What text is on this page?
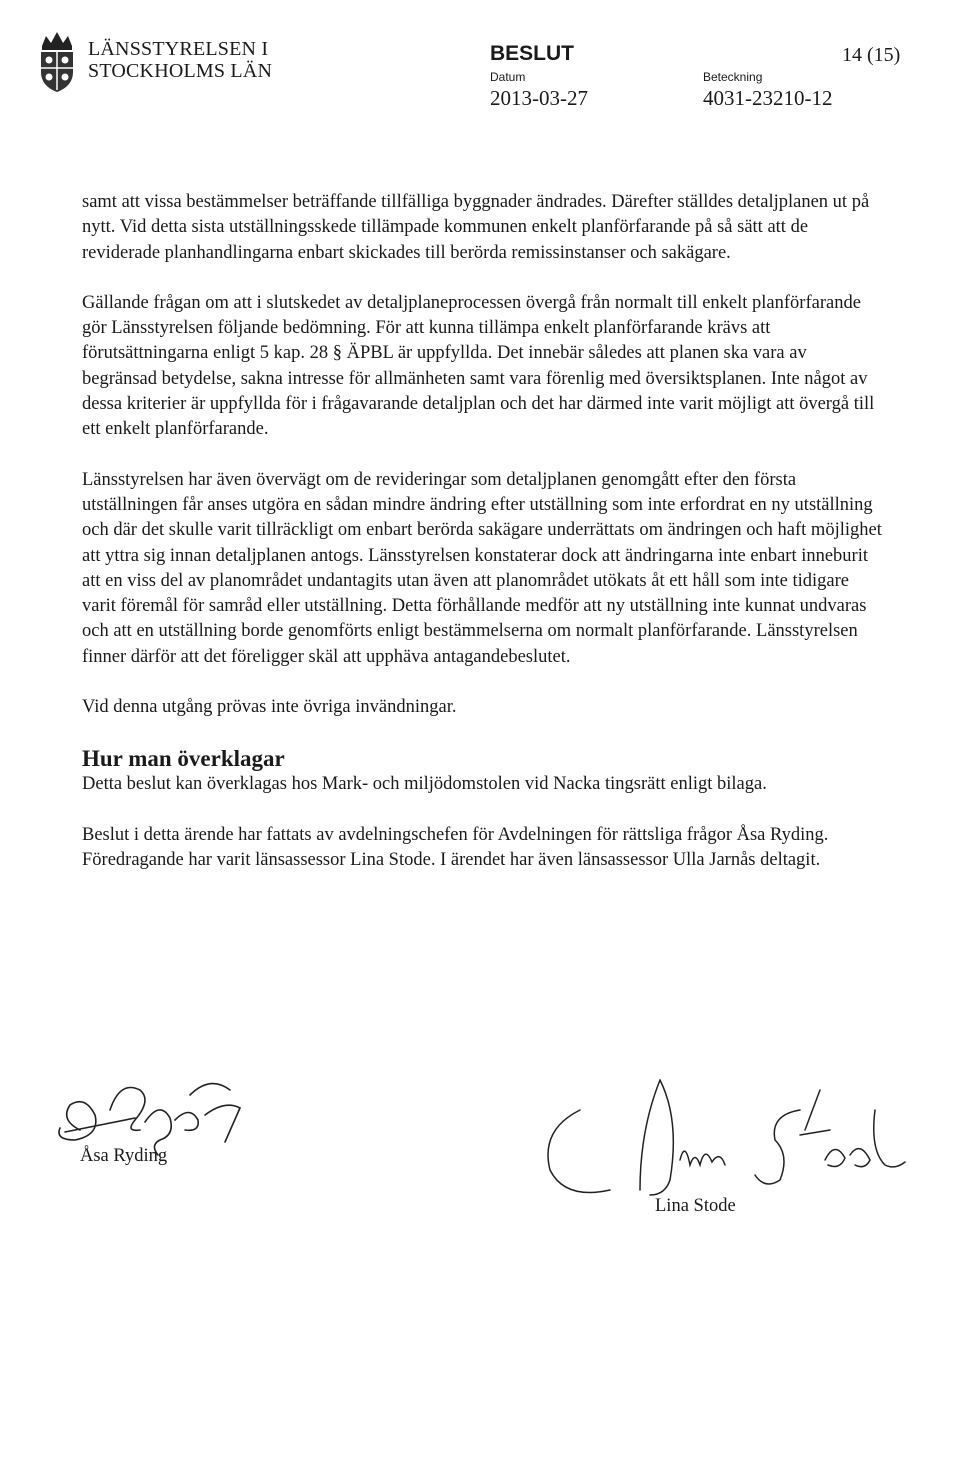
LÄNSSTYRELSEN I
STOCKHOLMS LÄN
BESLUT	14 (15)
Datum
2013-03-27
Beteckning
4031-23210-12

samt att vissa bestämmelser beträffande tillfälliga byggnader ändrades. Därefter ställdes detaljplanen ut på nytt. Vid detta sista utställningsskede tillämpade kommunen enkelt planförfarande på så sätt att de reviderade planhandlingarna enbart skickades till berörda remissinstanser och sakägare.

Gällande frågan om att i slutskedet av detaljplaneprocessen övergå från normalt till enkelt planförfarande gör Länsstyrelsen följande bedömning. För att kunna tillämpa enkelt planförfarande krävs att förutsättningarna enligt 5 kap. 28 § ÄPBL är uppfyllda. Det innebär således att planen ska vara av begränsad betydelse, sakna intresse för allmänheten samt vara förenlig med översiktsplanen. Inte något av dessa kriterier är uppfyllda för i frågavarande detaljplan och det har därmed inte varit möjligt att övergå till ett enkelt planförfarande.

Länsstyrelsen har även övervägt om de revideringar som detaljplanen genomgått efter den första utställningen får anses utgöra en sådan mindre ändring efter utställning som inte erfordrat en ny utställning och där det skulle varit tillräckligt om enbart berörda sakägare underrättats om ändringen och haft möjlighet att yttra sig innan detaljplanen antogs. Länsstyrelsen konstaterar dock att ändringarna inte enbart inneburit att en viss del av planområdet undantagits utan även att planområdet utökats åt ett håll som inte tidigare varit föremål för samråd eller utställning. Detta förhållande medför att ny utställning inte kunnat undvaras och att en utställning borde genomförts enligt bestämmelserna om normalt planförfarande. Länsstyrelsen finner därför att det föreligger skäl att upphäva antagandebeslutet.

Vid denna utgång prövas inte övriga invändningar.

Hur man överklagar

Detta beslut kan överklagas hos Mark- och miljödomstolen vid Nacka tingsrätt enligt bilaga.

Beslut i detta ärende har fattats av avdelningschefen för Avdelningen för rättsliga frågor Åsa Ryding. Föredragande har varit länsassessor Lina Stode. I ärendet har även länsassessor Ulla Jarnås deltagit.

Åsa Ryding
Lina Stode
